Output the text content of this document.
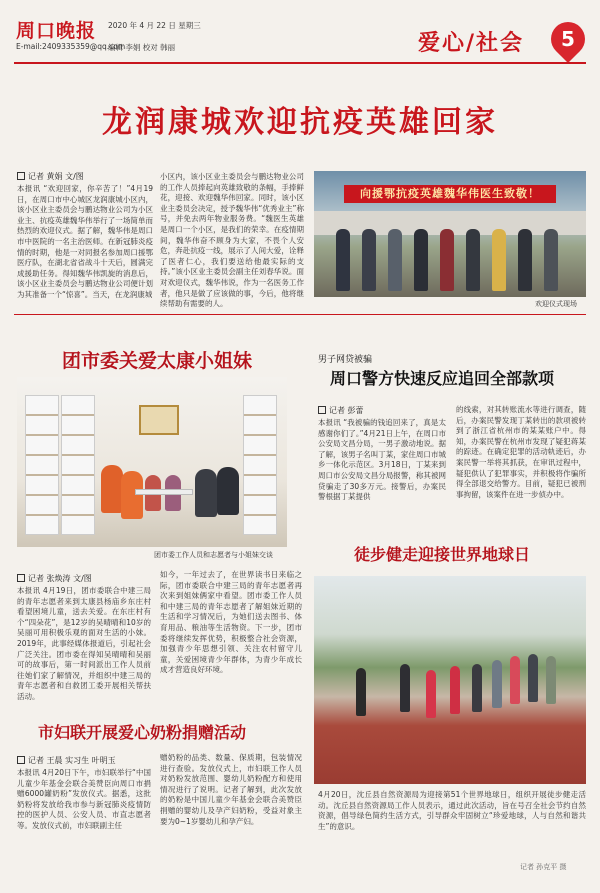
周口晚报 2020 年 4 月 22 日 星期三
E-mail:2409335359@qq.com
编辑 李娟 校对 韩丽	爱心/社会	5
龙润康城欢迎抗疫英雄回家
记者 黄娟 文/图
本报讯 “欢迎回家，你辛苦了！”4月19日，在周口市中心城区龙润康城小区内，该小区业主委员会与鹏达物业公司为小区业主、抗疫英雄魏华伟举行了一场简单而热烈的欢迎仪式。据了解，魏华伟是周口市中医院的一名主治医师。在新冠肺炎疫情的时期，他是一对同报名参加周口援鄂医疗队，在湖北省省战斗十天后，圆满完成援助任务。得知魏华伟凯旋的消息后，该小区业主委员会与鹏达物业公司便计划为其准备一个“惊喜”。当天，在龙润康城
小区内，该小区业主委员会与鹏达物业公司的工作人员捧起向英雄致敬的条幅，手捧鲜花，迎接、欢迎魏华伟回家。同时，该小区业主委员会决定，授予魏华伟“优秀业主”称号，并免去两年物业服务费。“魏医生英雄是周口一个小区，是我们的荣幸。在疫情期间，魏华伟奋不顾身为大家，不畏个人安危，奔赴抗疫一线，展示了人间大爱，诠释了医者仁心，我们要送给他最实际的支持。”该小区业主委员会副主任刘春华说。面对欢迎仪式，魏华伟说，作为一名医务工作者，他只是做了应该做的事，今后，他将继续帮助有需要的人。
向援鄂抗疫英雄魏华伟医生致敬！
欢迎仪式现场
团市委关爱太康小姐妹
团市委工作人员和志愿者与小姐妹交谈
记者 张焕涛 文/图
本报讯 4月19日，团市委联合中建三局的青年志愿者来到太康县杨庙乡东庄村看望困境儿童，送去关爱。在东庄村有个“四朵花”，是12岁的吴晴晴和10岁的吴丽可用积极乐观的面对生活的小妹。2019年，此事经媒体报道后，引起社会广泛关注。团市委在得知吴晴晴和吴丽可的故事后，第一时间派出工作人员前往她们家了解情况，并组织中建三局的青年志愿者和自救团工委开展相关帮扶活动。
如今，一年过去了，在世界读书日来临之际，团市委联合中建三局的青年志愿者再次来到姐妹俩家中看望。团市委工作人员和中建三局的青年志愿者了解姐妹近期的生活和学习情况后，为她们送去图书、体育用品、粮油等生活物资。下一步，团市委将继续发挥优势，积极整合社会资源，加强青少年思想引领、关注农村留守儿童，关爱困境青少年群体，为青少年成长成才营造良好环境。
男子网贷被骗
周口警方快速反应追回全部款项
记者 彭蕾
本报讯 “我被骗的钱追回来了，真是太感谢你们了。”4月21日上午，在周口市公安局文昌分局，一男子激动地说。据了解，该男子名叫丁某，家住周口市城乡一体化示范区。3月18日，丁某来到周口市公安局文昌分局报警，称其被网贷骗走了30多万元。接警后，办案民警根据丁某提供
的线索，对其转账流水等进行调查，随后，办案民警发现丁某转出的款项被转到了浙江省杭州市的某某账户中。得知，办案民警在杭州市发现了疑犯蒋某的踪迹。在确定犯罪的活动轨迹后，办案民警一举将其抓获，在审讯过程中，疑犯供认了犯罪事实，并积极将作骗所得全部退交给警方。目前，疑犯已被刑事拘留，该案件在进一步侦办中。
徒步健走迎接世界地球日
4月20日，沈丘县自然资源局为迎接第51个世界地球日，组织开展徒步健走活动。沈丘县自然资源局工作人员表示，通过此次活动，旨在号召全社会节约自然资源，倡导绿色简约生活方式，引导群众牢固树立“珍爱地球，人与自然和谐共生”的意识。
记者 孙克平 摄
市妇联开展爱心奶粉捐赠活动
记者 王晨 实习生 叶明玉
本报讯 4月20日下午，市妇联举行“中国儿童少年基金会联合美赞臣向周口市捐赠6000罐奶粉”发放仪式。据悉，这批奶粉将发放给我市参与新冠肺炎疫情防控的医护人员、公安人员、市直志愿者等。发放仪式前，市妇联副主任
赠奶粉的品类、数量、保质期，包装情况进行查验。发放仪式上，市妇联工作人员对奶粉发放范围、婴幼儿奶粉配方和使用情况进行了说明。记者了解到，此次发放的奶粉是中国儿童少年基金会联合美赞臣捐赠的婴幼儿及孕产妇奶粉，受益对象主要为0~1岁婴幼儿和孕产妇。
